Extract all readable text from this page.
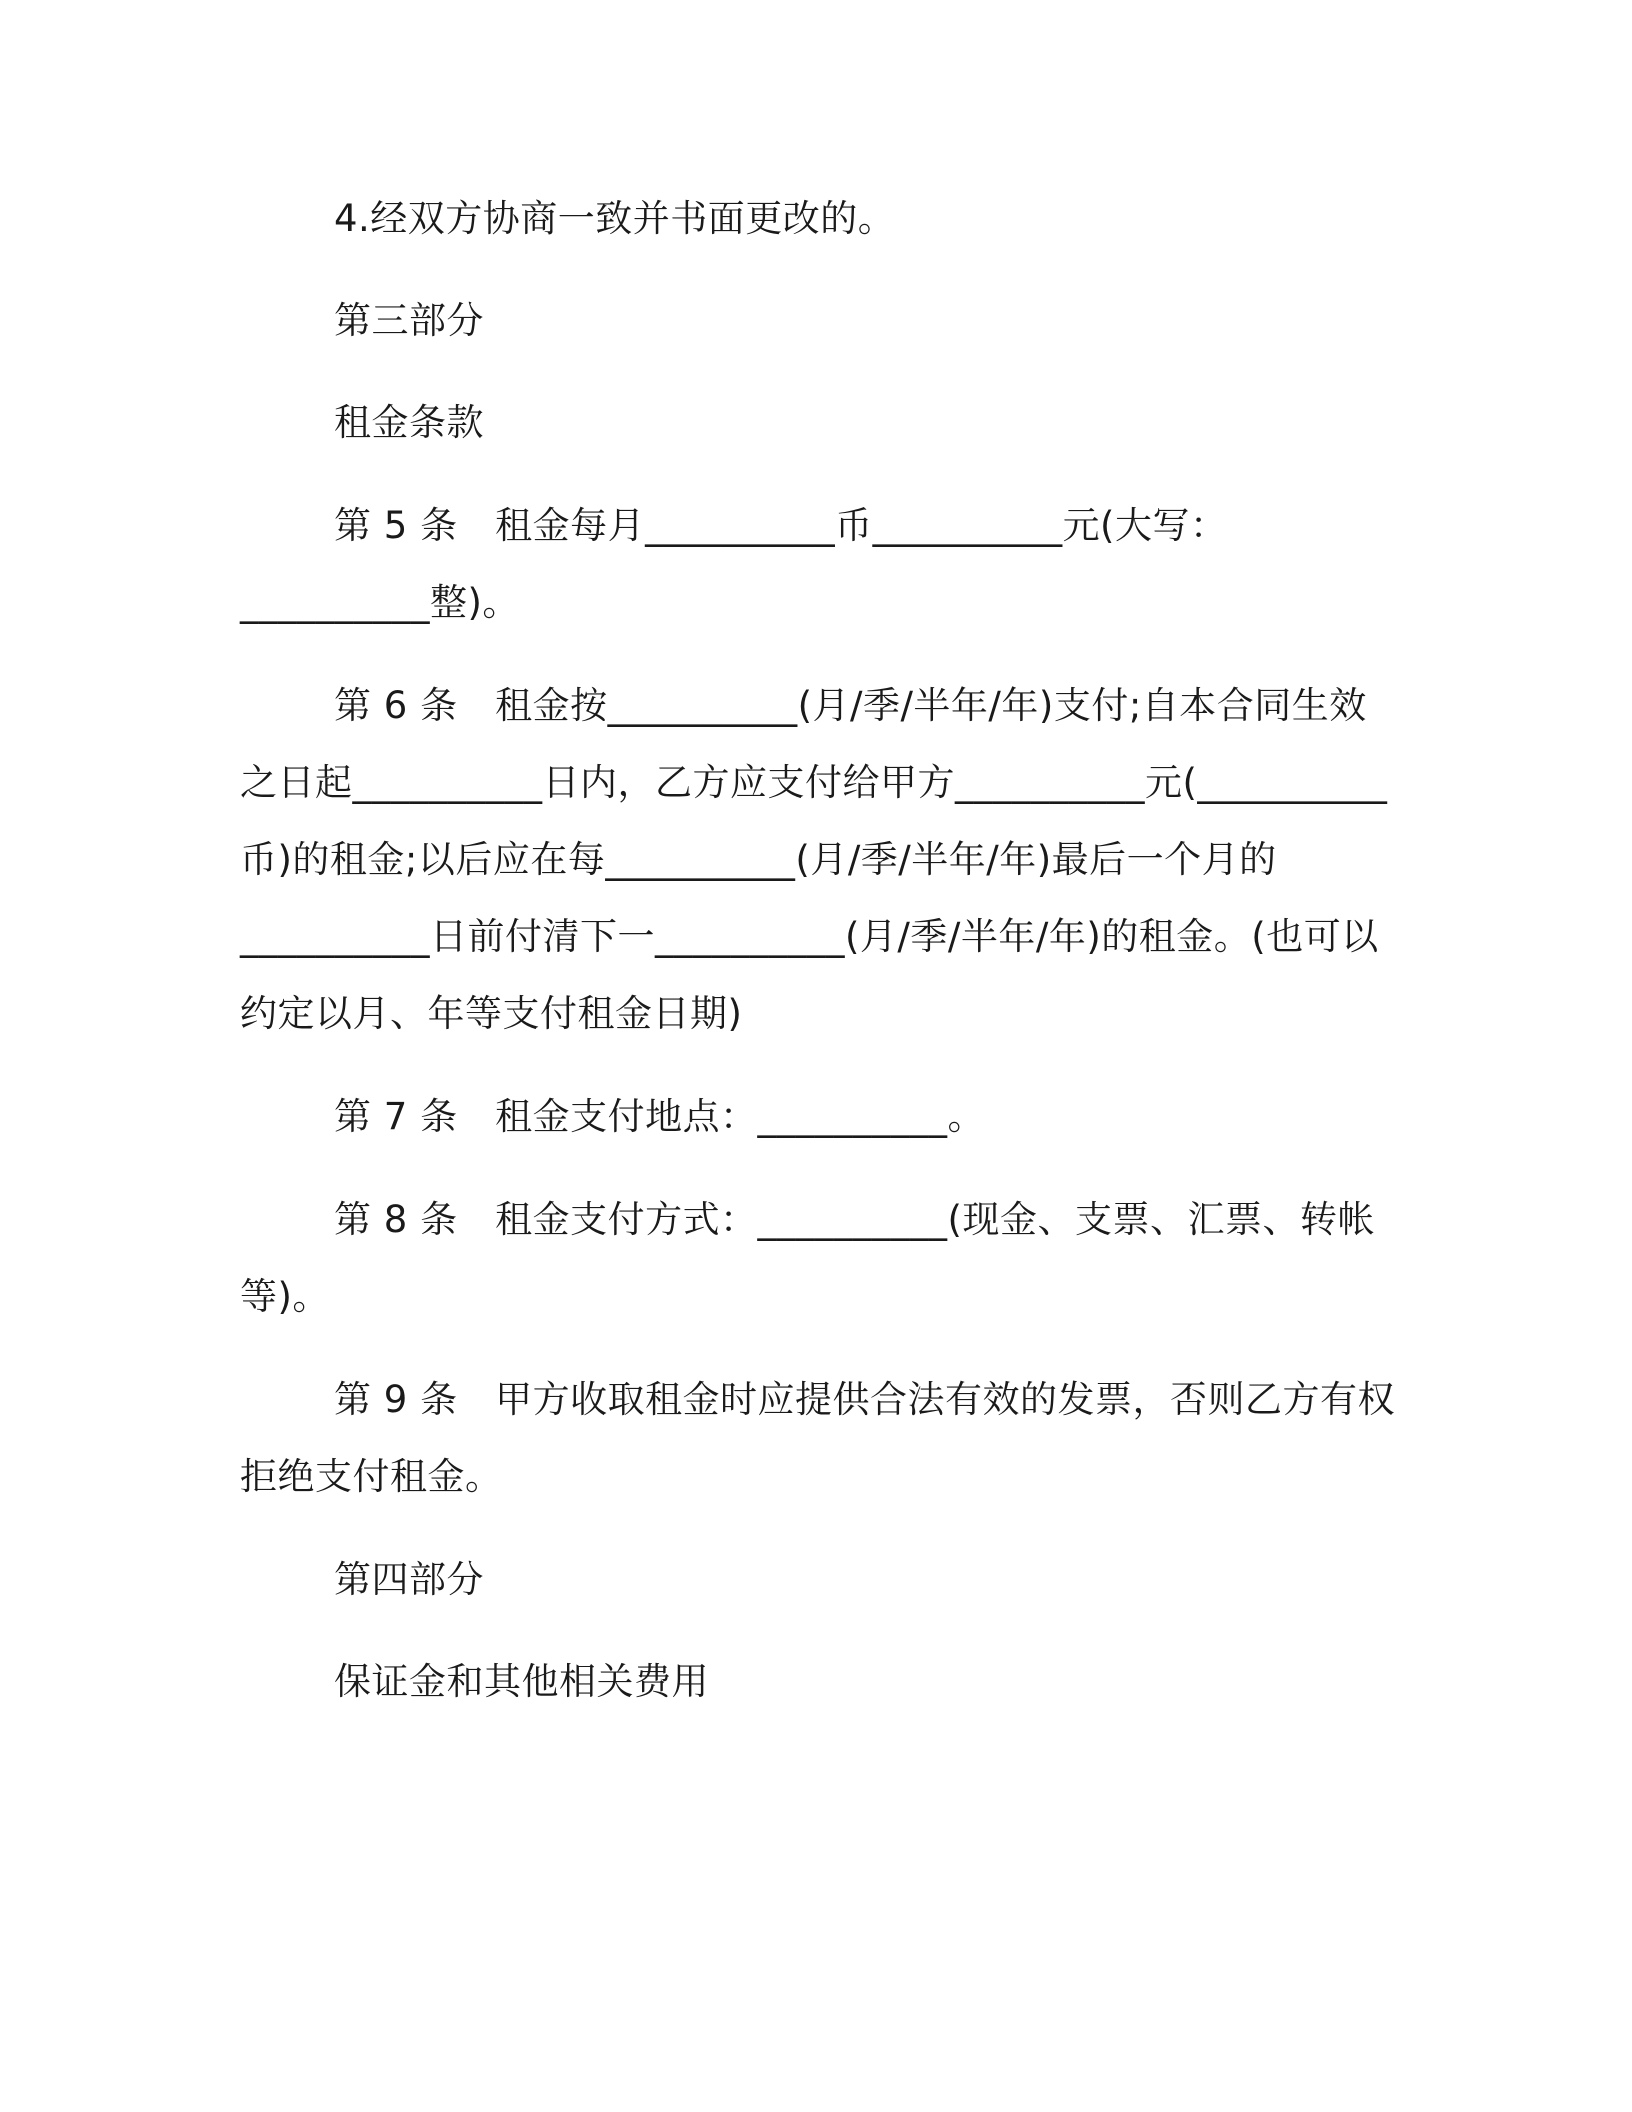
4.经双方协商一致并书面更改的。

第三部分

租金条款

第 5 条　租金每月__________币__________元(大写：
__________整)。
第 6 条　租金按__________(月/季/半年/年)支付;自本合同生效
之日起__________日内，乙方应支付给甲方__________元(__________
币)的租金;以后应在每__________(月/季/半年/年)最后一个月的
__________日前付清下一__________(月/季/半年/年)的租金。(也可以
约定以月、年等支付租金日期)

第 7 条　租金支付地点：__________。

第 8 条　租金支付方式：__________(现金、支票、汇票、转帐
等)。
第 9 条　甲方收取租金时应提供合法有效的发票，否则乙方有权
拒绝支付租金。

第四部分

保证金和其他相关费用
